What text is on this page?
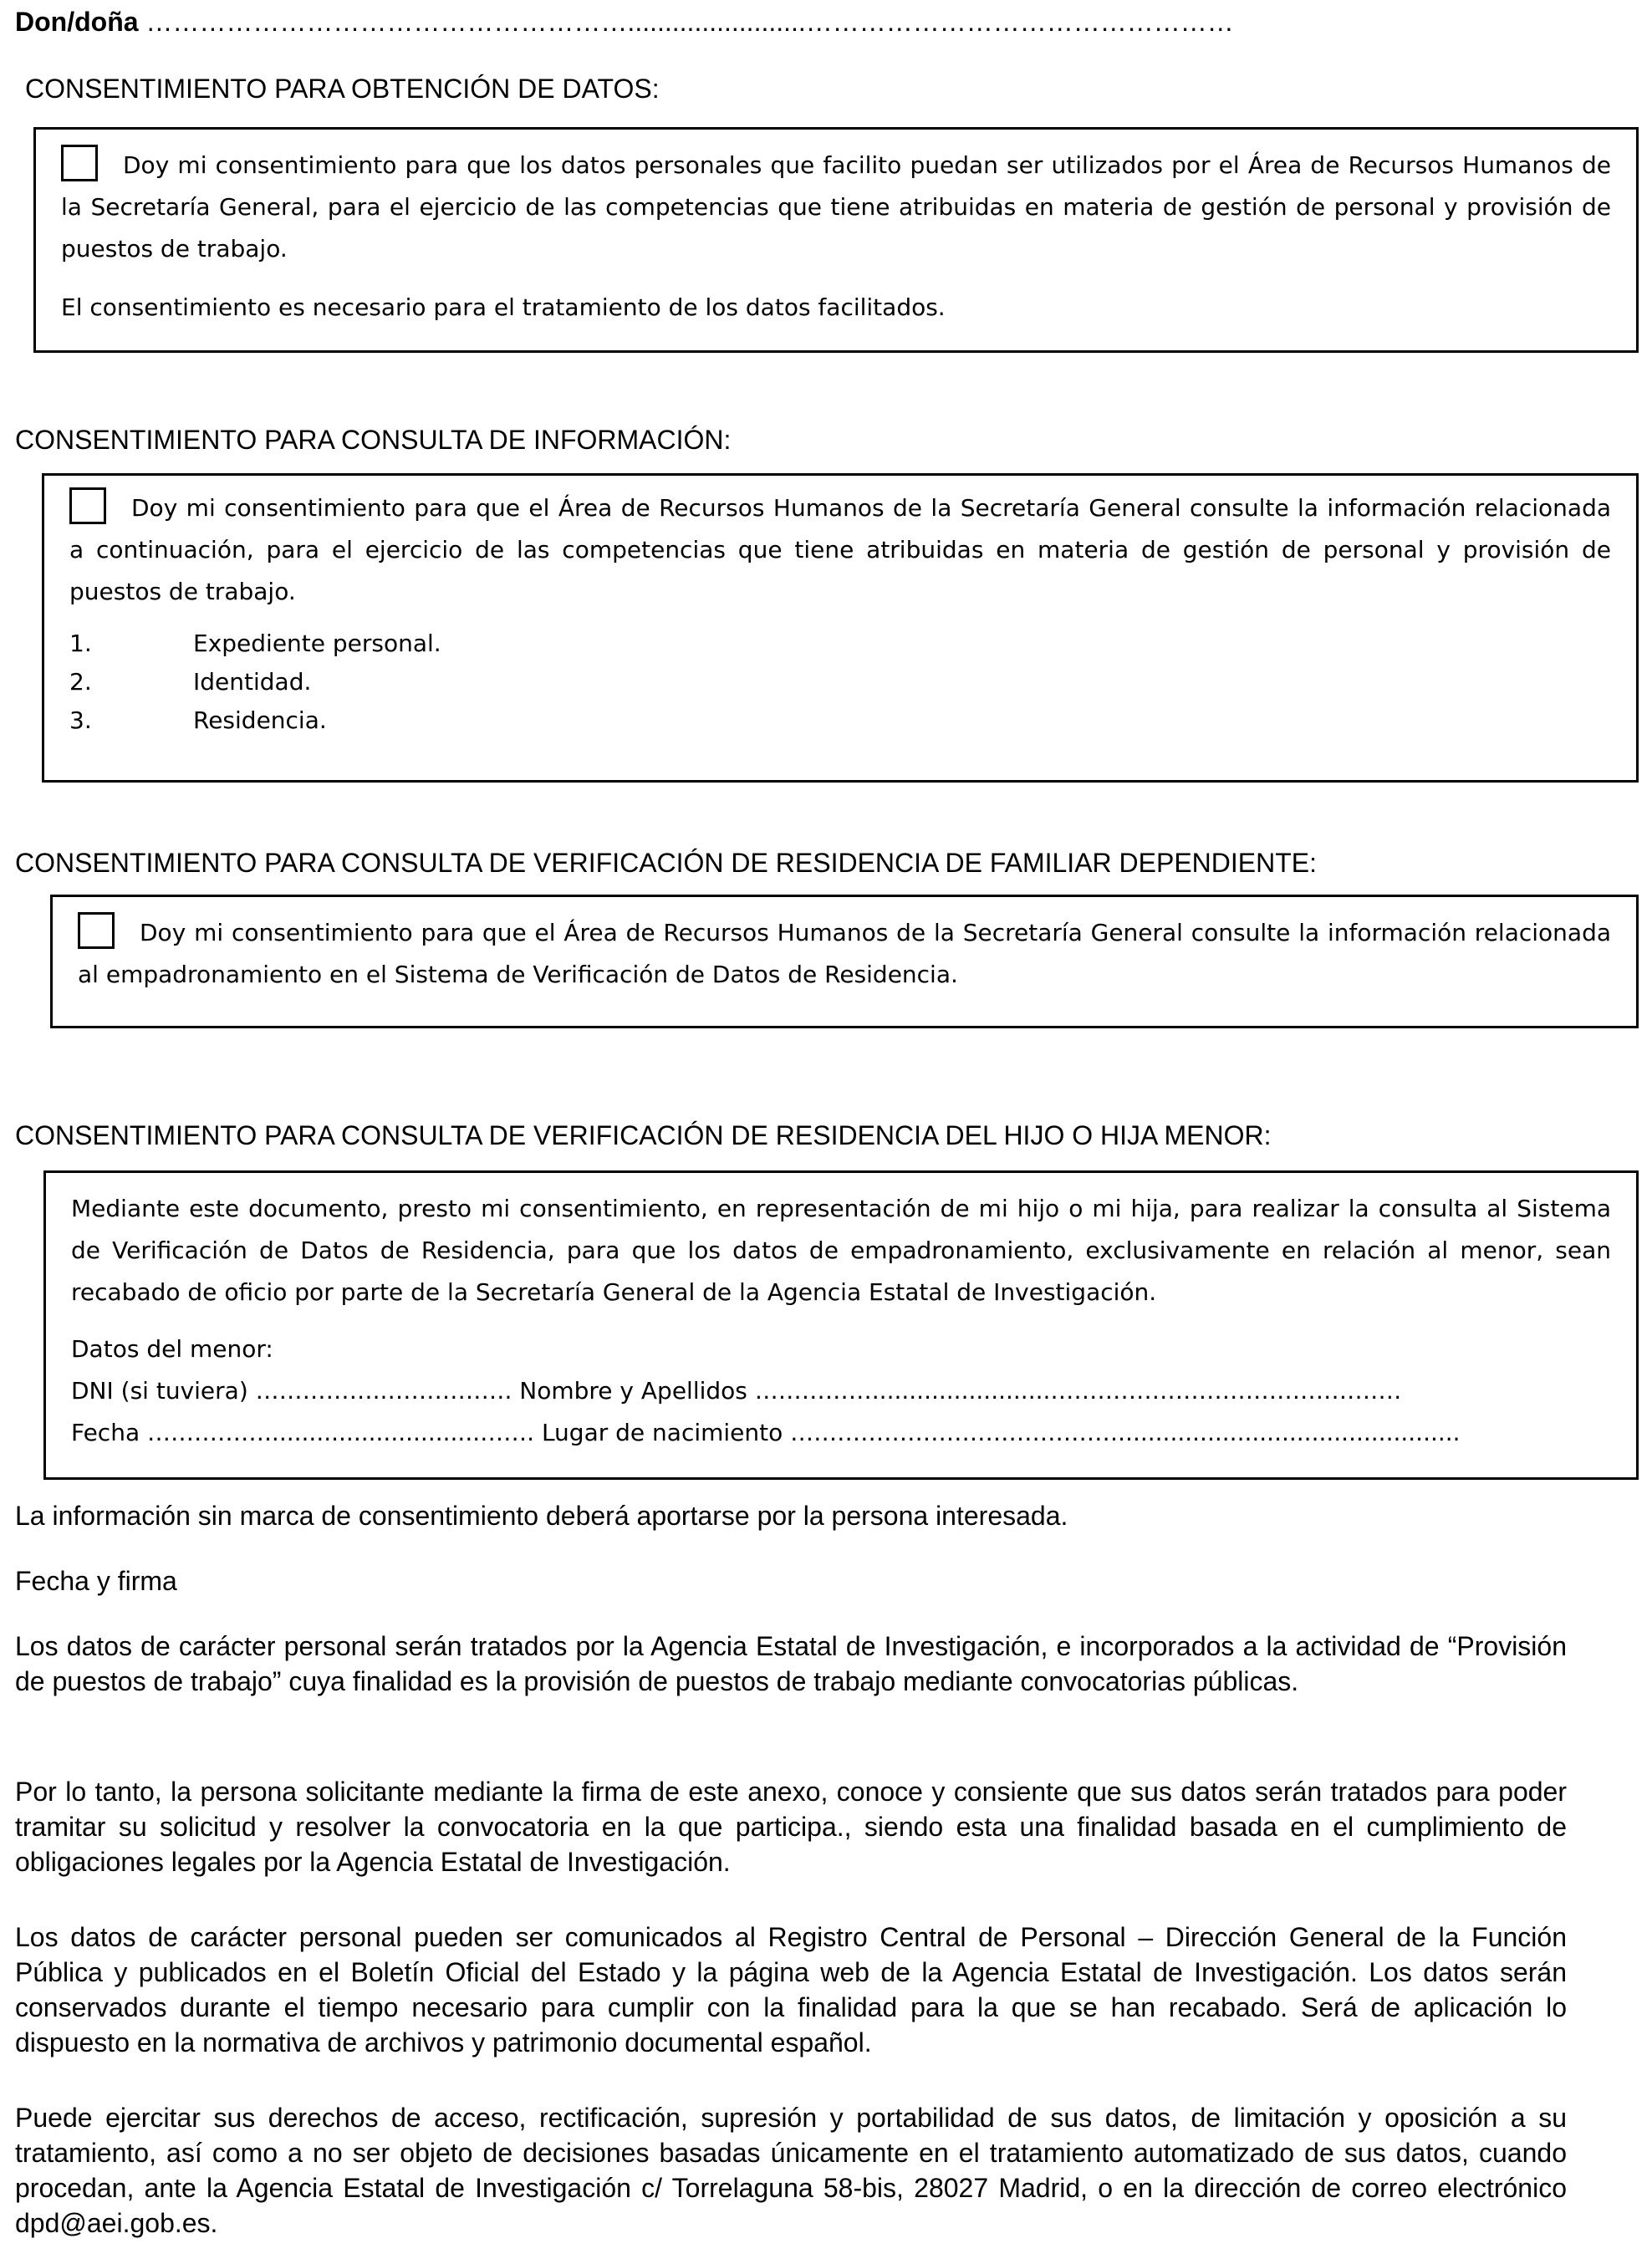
Don/doña ………………………………………………........................…………………………………………
CONSENTIMIENTO PARA OBTENCIÓN DE DATOS:

Doy mi consentimiento para que los datos personales que facilito puedan ser utilizados por el Área de Recursos Humanos de la Secretaría General, para el ejercicio de las competencias que tiene atribuidas en materia de gestión de personal y provisión de puestos de trabajo.

El consentimiento es necesario para el tratamiento de los datos facilitados.

CONSENTIMIENTO PARA CONSULTA DE INFORMACIÓN:

Doy mi consentimiento para que el Área de Recursos Humanos de la Secretaría General consulte la información relacionada a continuación, para el ejercicio de las competencias que tiene atribuidas en materia de gestión de personal y provisión de puestos de trabajo.

1.	Expediente personal.
2.	Identidad.
3.	Residencia.
CONSENTIMIENTO PARA CONSULTA DE VERIFICACIÓN DE RESIDENCIA DE FAMILIAR DEPENDIENTE:

Doy mi consentimiento para que el Área de Recursos Humanos de la Secretaría General consulte la información relacionada al empadronamiento en el Sistema de Verificación de Datos de Residencia.

CONSENTIMIENTO PARA CONSULTA DE VERIFICACIÓN DE RESIDENCIA DEL HIJO O HIJA MENOR:

Mediante este documento, presto mi consentimiento, en representación de mi hijo o mi hija, para realizar la consulta al Sistema de Verificación de Datos de Residencia, para que los datos de empadronamiento, exclusivamente en relación al menor, sean recabado de oficio por parte de la Secretaría General de la Agencia Estatal de Investigación.

Datos del menor:
DNI (si tuviera) ……………..……………. Nombre y Apellidos ……………........................………………………………………
Fecha …………….............................……. Lugar de nacimiento ……………………………………..............................................
La información sin marca de consentimiento deberá aportarse por la persona interesada.
Fecha y firma
Los datos de carácter personal serán tratados por la Agencia Estatal de Investigación, e incorporados a la actividad de “Provisión de puestos de trabajo” cuya finalidad es la provisión de puestos de trabajo mediante convocatorias públicas.
Por lo tanto, la persona solicitante mediante la firma de este anexo, conoce y consiente que sus datos serán tratados para poder tramitar su solicitud y resolver la convocatoria en la que participa., siendo esta una finalidad basada en el cumplimiento de obligaciones legales por la Agencia Estatal de Investigación.
Los datos de carácter personal pueden ser comunicados al Registro Central de Personal – Dirección General de la Función Pública y publicados en el Boletín Oficial del Estado y la página web de la Agencia Estatal de Investigación. Los datos serán conservados durante el tiempo necesario para cumplir con la finalidad para la que se han recabado. Será de aplicación lo dispuesto en la normativa de archivos y patrimonio documental español.
Puede ejercitar sus derechos de acceso, rectificación, supresión y portabilidad de sus datos, de limitación y oposición a su tratamiento, así como a no ser objeto de decisiones basadas únicamente en el tratamiento automatizado de sus datos, cuando procedan, ante la Agencia Estatal de Investigación c/ Torrelaguna 58-bis, 28027 Madrid, o en la dirección de correo electrónico dpd@aei.gob.es.
